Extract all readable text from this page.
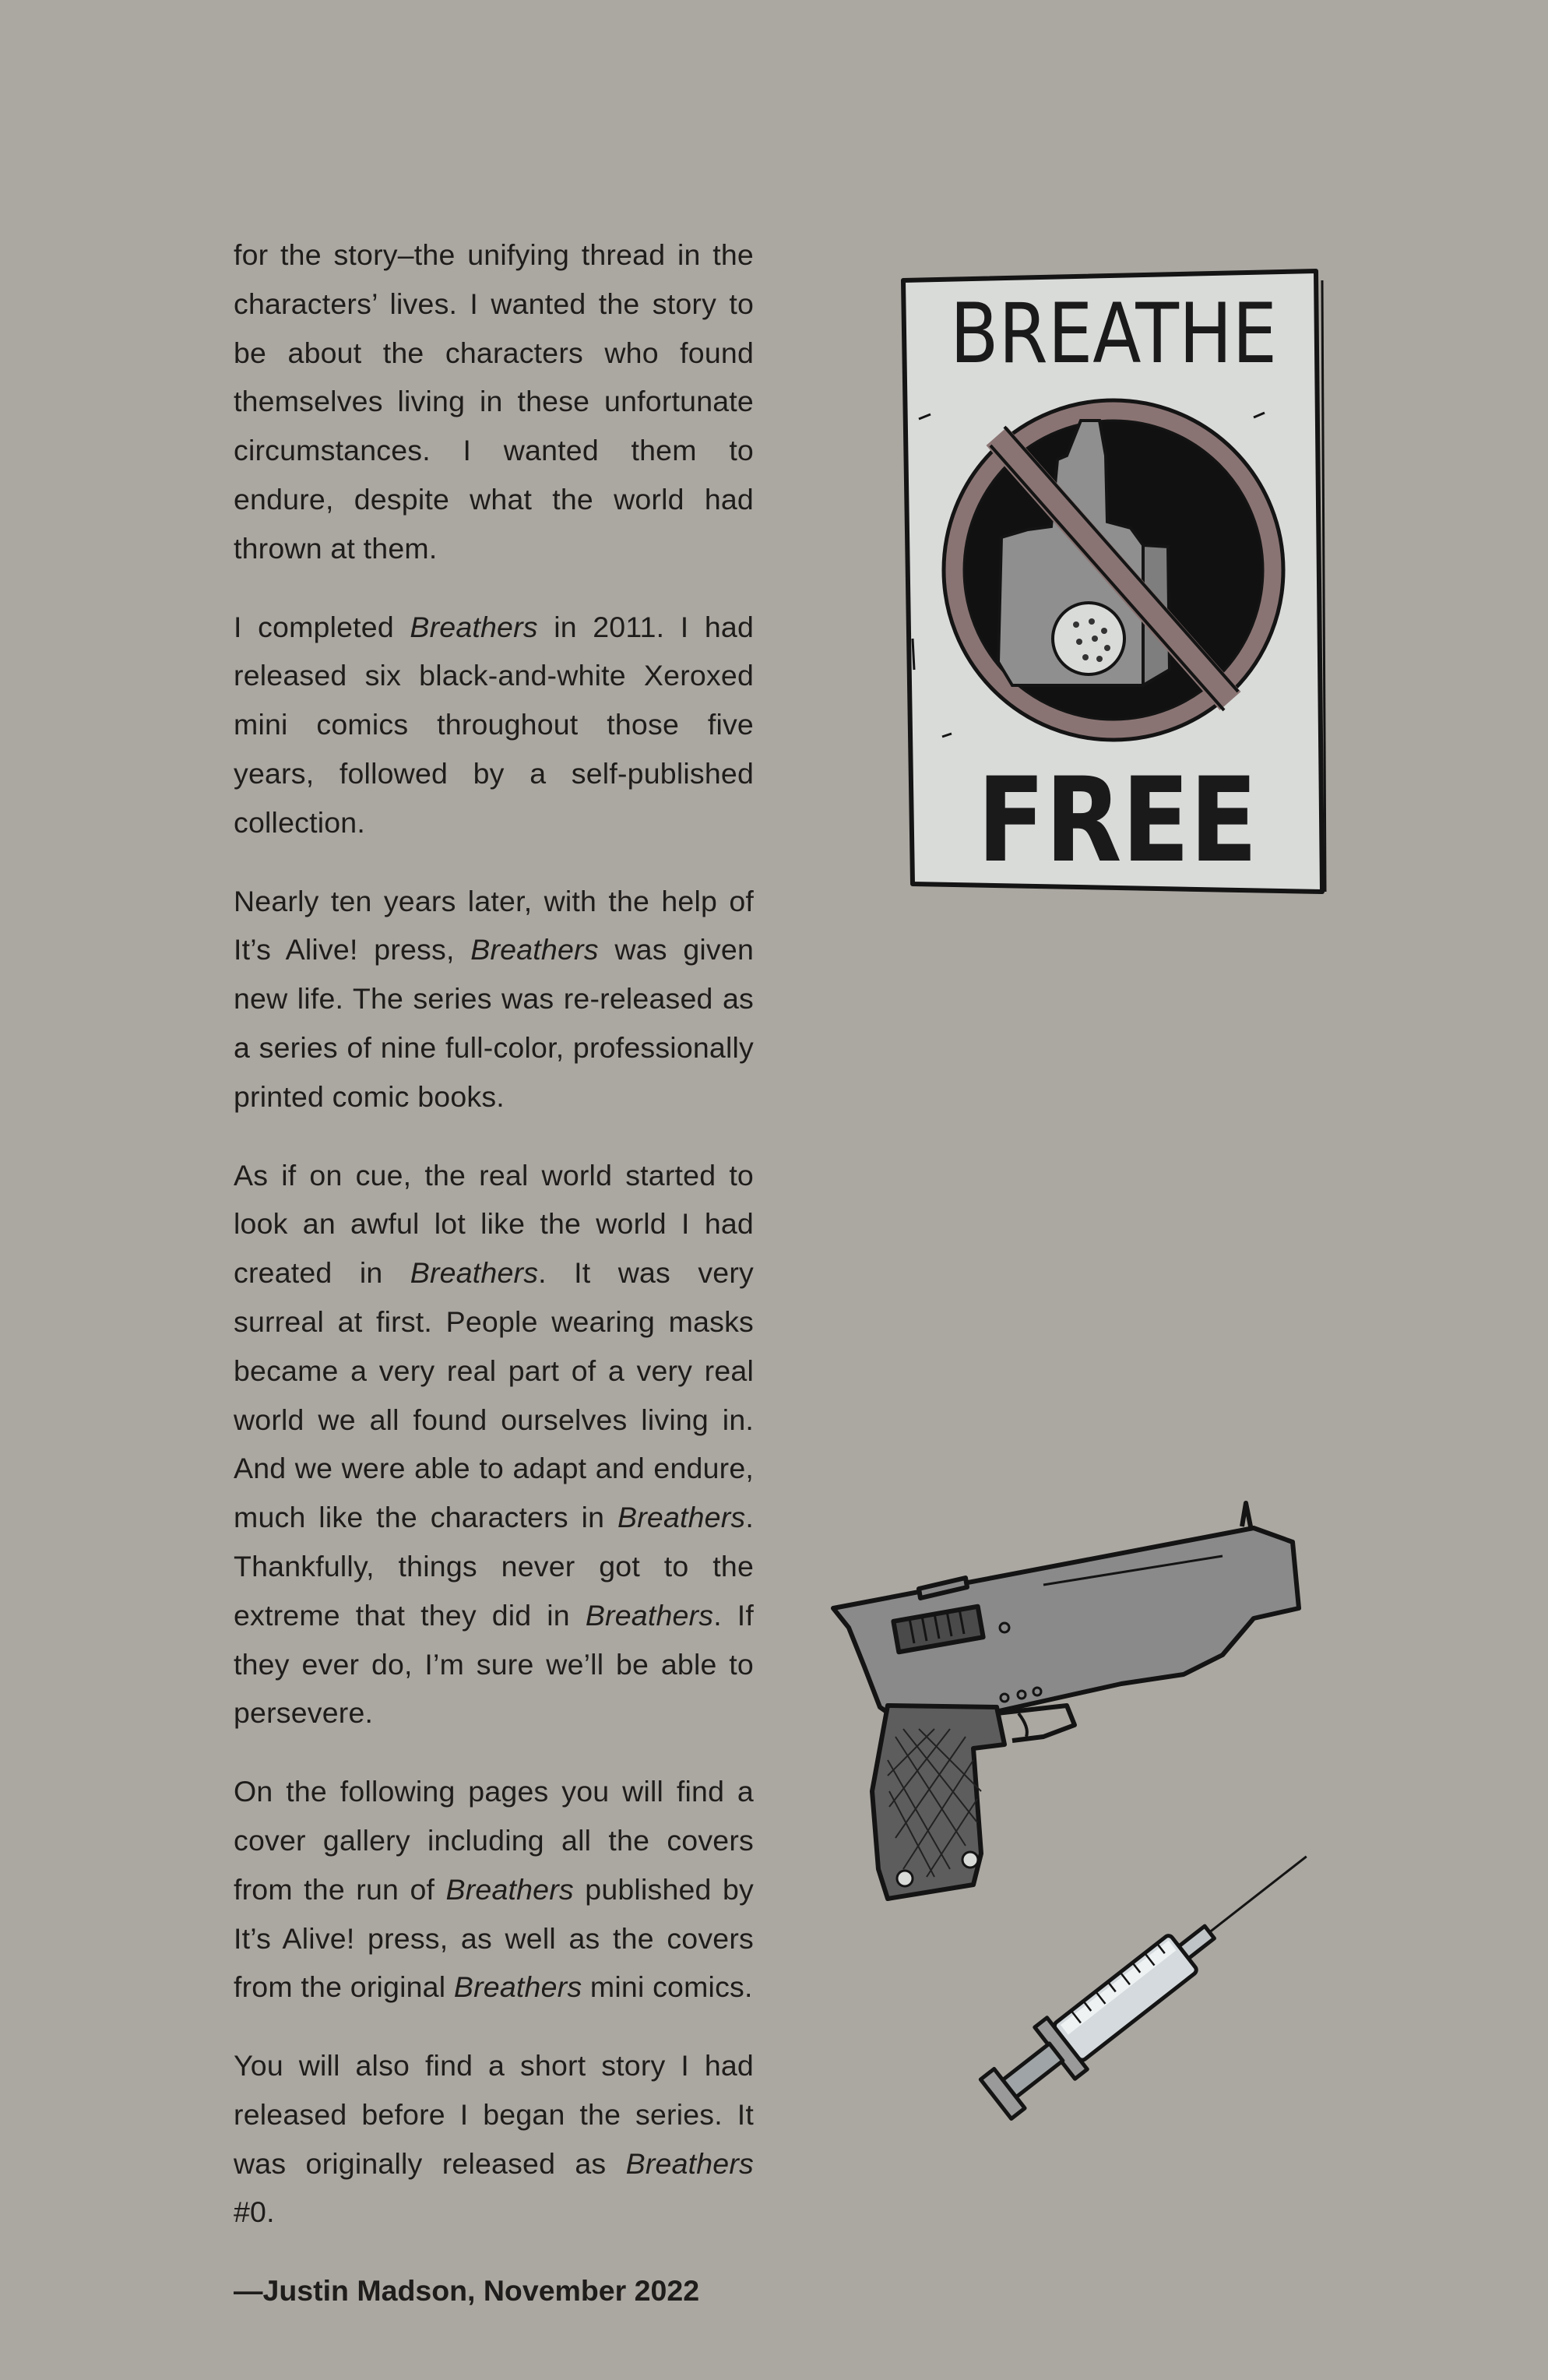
for the story–the unifying thread in the characters’ lives. I wanted the story to be about the characters who found themselves living in these unfortunate circumstances. I wanted them to endure, despite what the world had thrown at them.

I completed Breathers in 2011. I had released six black-and-white Xeroxed mini comics throughout those five years, followed by a self-published collection.

Nearly ten years later, with the help of It’s Alive! press, Breathers was given new life. The series was re-released as a series of nine full-color, professionally printed comic books.

As if on cue, the real world started to look an awful lot like the world I had created in Breathers. It was very surreal at first. People wearing masks became a very real part of a very real world we all found ourselves living in. And we were able to adapt and endure, much like the characters in Breathers. Thankfully, things never got to the extreme that they did in Breathers. If they ever do, I’m sure we’ll be able to persevere.

On the following pages you will find a cover gallery including all the covers from the run of Breathers published by It’s Alive! press, as well as the covers from the original Breathers mini comics.

You will also find a short story I had released before I began the series. It was originally released as Breathers #0.

—Justin Madson, November 2022

BREATHE
FREE
